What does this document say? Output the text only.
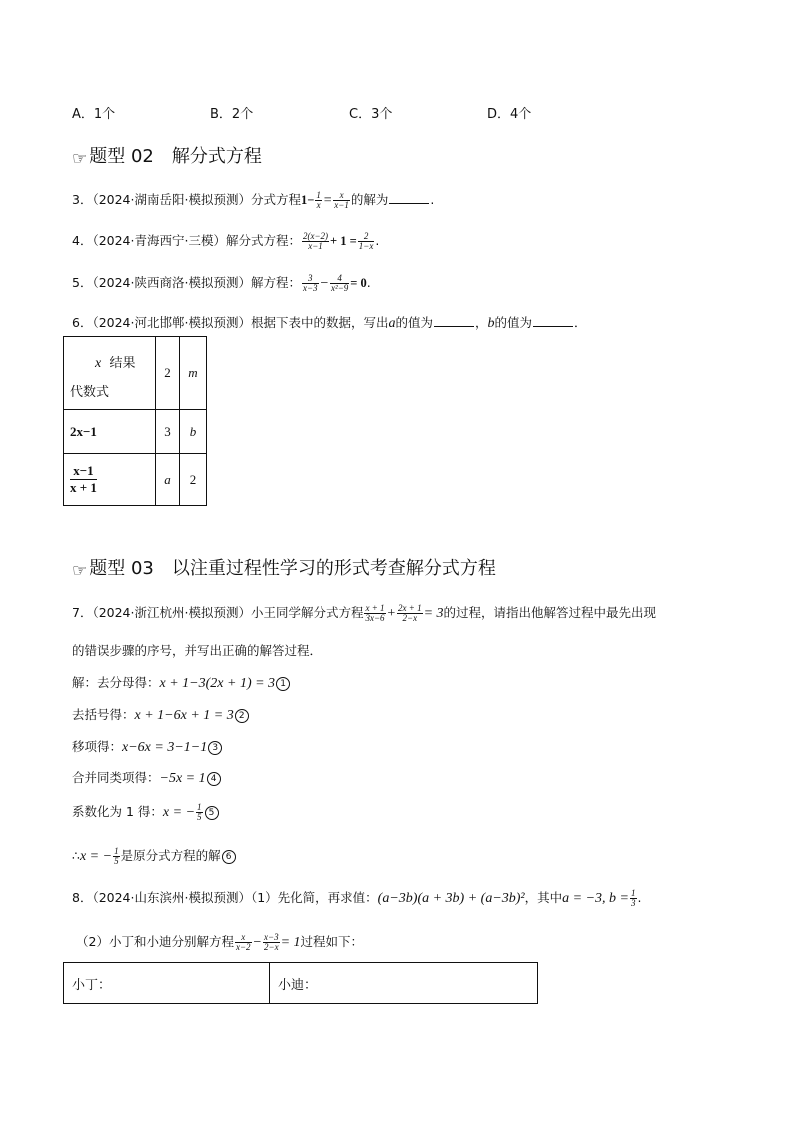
A．1个	B．2个	C．3个	D．4个
☞ 题型 02　解分式方程
3．（2024·湖南岳阳·模拟预测）分式方程$1- \frac{1}{x} = \frac{x}{x-1}$ 的解为	.
4．（2024·青海西宁·三模）解分式方程： $\frac{2(x-2)}{x-1} + 1 = \frac{2}{1-x}$ .
5．（2024·陕西商洛·模拟预测）解方程： $\frac{3}{x-3} - \frac{4}{\text{x²−9}} = 0$.
6．（2024·河北邯郸·模拟预测）根据下表中的数据，写出a的值为	，b的值为	．
x 结果
代数式	2	m
2x−1	3	b

$\frac{x-1}{x + 1}$	a	2
☞ 题型 03　以注重过程性学习的形式考查解分式方程
7．（2024·浙江杭州·模拟预测）小王同学解分式方程 $\frac{x + 1}{3x-6} + \frac{2x + 1}{2-x} = 3$的过程，请指出他解答过程中最先出现
的错误步骤的序号，并写出正确的解答过程．
解：去分母得：x + 1−3(2x + 1) = 3 1
去括号得：x + 1−6x + 1 = 3 2
移项得：x−6x = 3−1−1 3
合并同类项得：−5x = 1 4
系数化为 1 得：x = − $\frac{1}{5} 5$
∴x = − $\frac{1}{5}$ 是原分式方程的解 6
8．（2024·山东滨州·模拟预测）（1）先化简，再求值：(a−3b)(a + 3b) + (a−3b)²，其中a = −3, $b = \frac{1}{3}$ .
（2）小丁和小迪分别解方程 $\frac{x}{x-2} - \frac{x-3}{2-x} = 1$过程如下：
小丁：	小迪：
